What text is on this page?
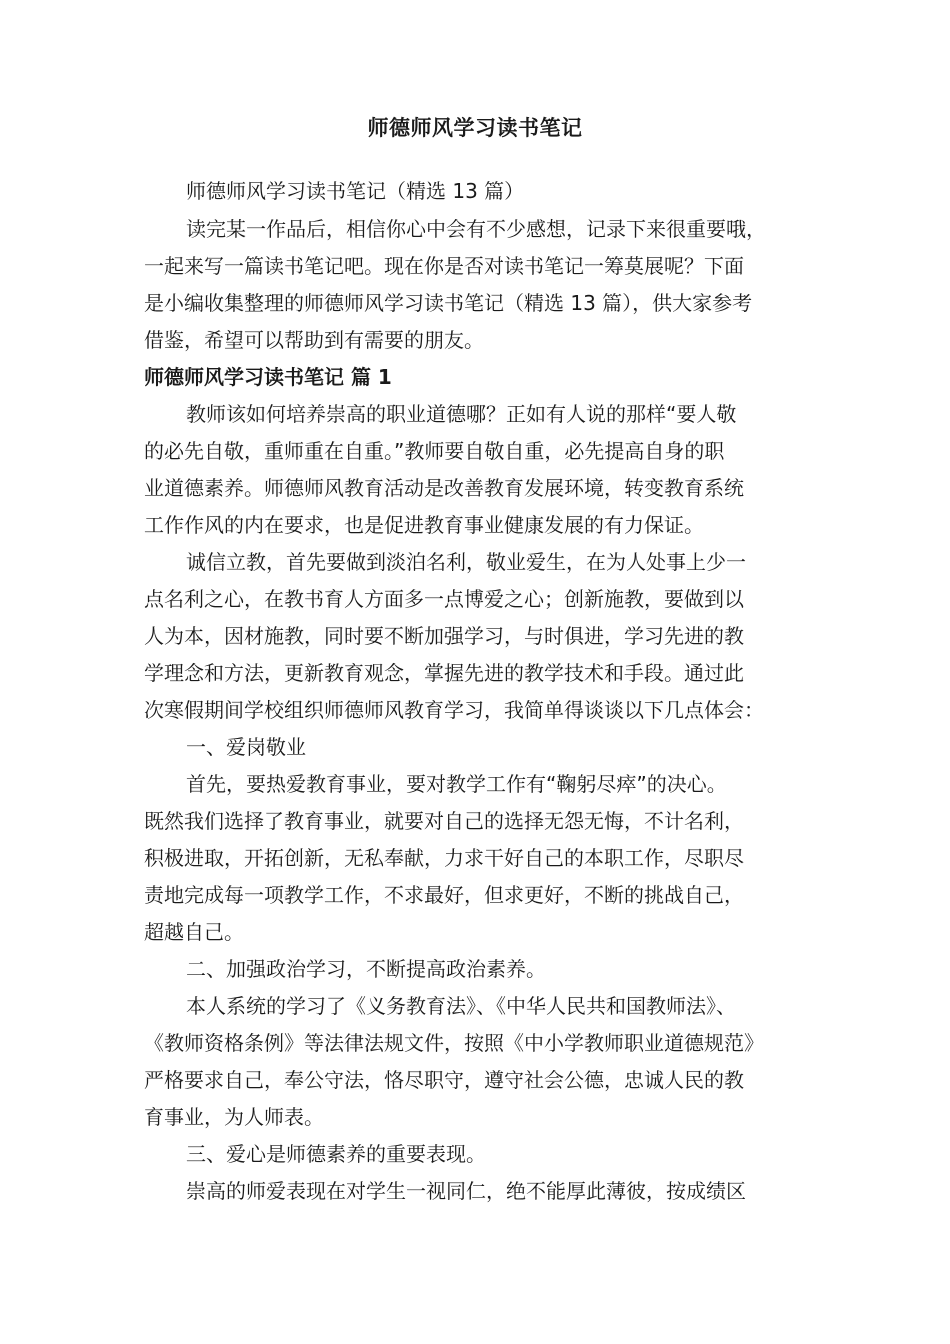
师德师风学习读书笔记
师德师风学习读书笔记（精选 13 篇）
读完某一作品后，相信你心中会有不少感想，记录下来很重要哦，
一起来写一篇读书笔记吧。现在你是否对读书笔记一筹莫展呢？下面
是小编收集整理的师德师风学习读书笔记（精选 13 篇），供大家参考
借鉴，希望可以帮助到有需要的朋友。
师德师风学习读书笔记 篇 1
教师该如何培养崇高的职业道德哪？正如有人说的那样“要人敬
的必先自敬，重师重在自重。”教师要自敬自重，必先提高自身的职
业道德素养。师德师风教育活动是改善教育发展环境，转变教育系统
工作作风的内在要求，也是促进教育事业健康发展的有力保证。
诚信立教，首先要做到淡泊名利，敬业爱生，在为人处事上少一
点名利之心，在教书育人方面多一点博爱之心；创新施教，要做到以
人为本，因材施教，同时要不断加强学习，与时俱进，学习先进的教
学理念和方法，更新教育观念，掌握先进的教学技术和手段。通过此
次寒假期间学校组织师德师风教育学习，我简单得谈谈以下几点体会：
一、爱岗敬业
首先，要热爱教育事业，要对教学工作有“鞠躬尽瘁”的决心。
既然我们选择了教育事业，就要对自己的选择无怨无悔，不计名利，
积极进取，开拓创新，无私奉献，力求干好自己的本职工作，尽职尽
责地完成每一项教学工作，不求最好，但求更好，不断的挑战自己，
超越自己。
二、加强政治学习，不断提高政治素养。
本人系统的学习了《义务教育法》、《中华人民共和国教师法》、
《教师资格条例》等法律法规文件，按照《中小学教师职业道德规范》
严格要求自己，奉公守法，恪尽职守，遵守社会公德，忠诚人民的教
育事业，为人师表。
三、爱心是师德素养的重要表现。
崇高的师爱表现在对学生一视同仁，绝不能厚此薄彼，按成绩区
